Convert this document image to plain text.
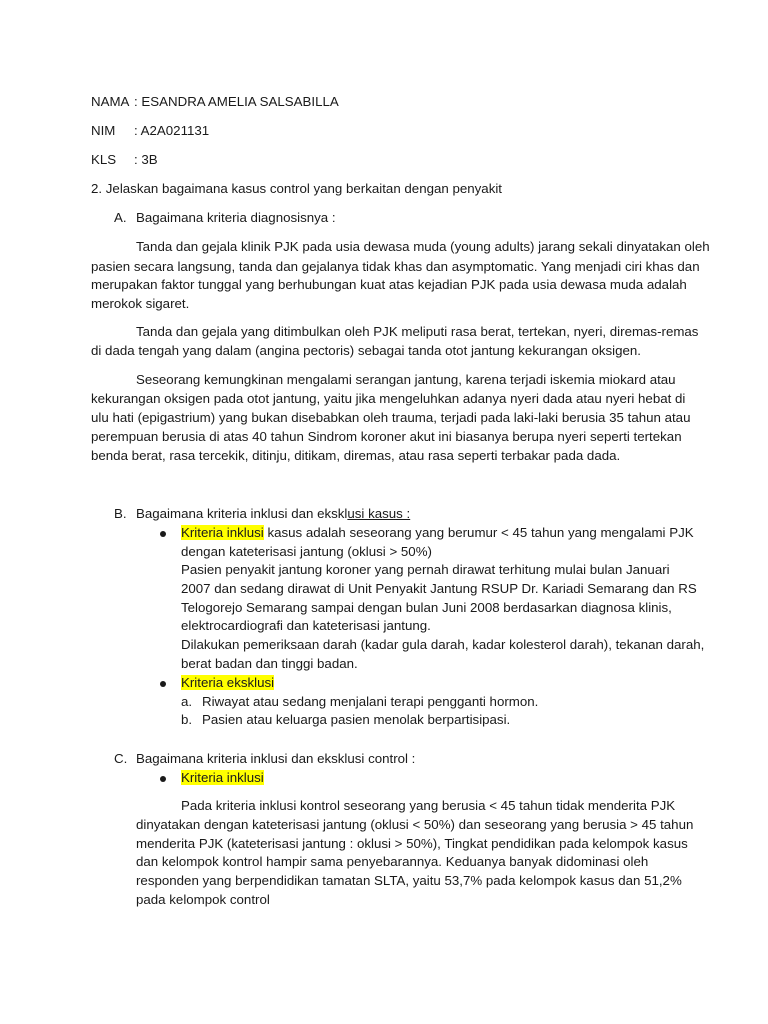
NAMA : ESANDRA AMELIA SALSABILLA
NIM : A2A021131
KLS : 3B
2. Jelaskan bagaimana kasus control yang berkaitan dengan penyakit
A. Bagaimana kriteria diagnosisnya :
Tanda dan gejala klinik PJK pada usia dewasa muda (young adults) jarang sekali dinyatakan oleh
pasien secara langsung, tanda dan gejalanya tidak khas dan asymptomatic. Yang menjadi ciri khas dan
merupakan faktor tunggal yang berhubungan kuat atas kejadian PJK pada usia dewasa muda adalah
merokok sigaret.
Tanda dan gejala yang ditimbulkan oleh PJK meliputi rasa berat, tertekan, nyeri, diremas-remas
di dada tengah yang dalam (angina pectoris) sebagai tanda otot jantung kekurangan oksigen.
Seseorang kemungkinan mengalami serangan jantung, karena terjadi iskemia miokard atau
kekurangan oksigen pada otot jantung, yaitu jika mengeluhkan adanya nyeri dada atau nyeri hebat di
ulu hati (epigastrium) yang bukan disebabkan oleh trauma, terjadi pada laki-laki berusia 35 tahun atau
perempuan berusia di atas 40 tahun Sindrom koroner akut ini biasanya berupa nyeri seperti tertekan
benda berat, rasa tercekik, ditinju, ditikam, diremas, atau rasa seperti terbakar pada dada.
B. Bagaimana kriteria inklusi dan eksklusi kasus :
Kriteria inklusi kasus adalah seseorang yang berumur < 45 tahun yang mengalami PJK
dengan kateterisasi jantung (oklusi > 50%)
Pasien penyakit jantung koroner yang pernah dirawat terhitung mulai bulan Januari
2007 dan sedang dirawat di Unit Penyakit Jantung RSUP Dr. Kariadi Semarang dan RS
Telogorejo Semarang sampai dengan bulan Juni 2008 berdasarkan diagnosa klinis,
elektrocardiografi dan kateterisasi jantung.
Dilakukan pemeriksaan darah (kadar gula darah, kadar kolesterol darah), tekanan darah,
berat badan dan tinggi badan.
Kriteria eksklusi
a. Riwayat atau sedang menjalani terapi pengganti hormon.
b. Pasien atau keluarga pasien menolak berpartisipasi.
C. Bagaimana kriteria inklusi dan eksklusi control :
Kriteria inklusi
Pada kriteria inklusi kontrol seseorang yang berusia < 45 tahun tidak menderita PJK
dinyatakan dengan kateterisasi jantung (oklusi < 50%) dan seseorang yang berusia > 45 tahun
menderita PJK (kateterisasi jantung : oklusi > 50%), Tingkat pendidikan pada kelompok kasus
dan kelompok kontrol hampir sama penyebarannya. Keduanya banyak didominasi oleh
responden yang berpendidikan tamatan SLTA, yaitu 53,7% pada kelompok kasus dan 51,2%
pada kelompok control
